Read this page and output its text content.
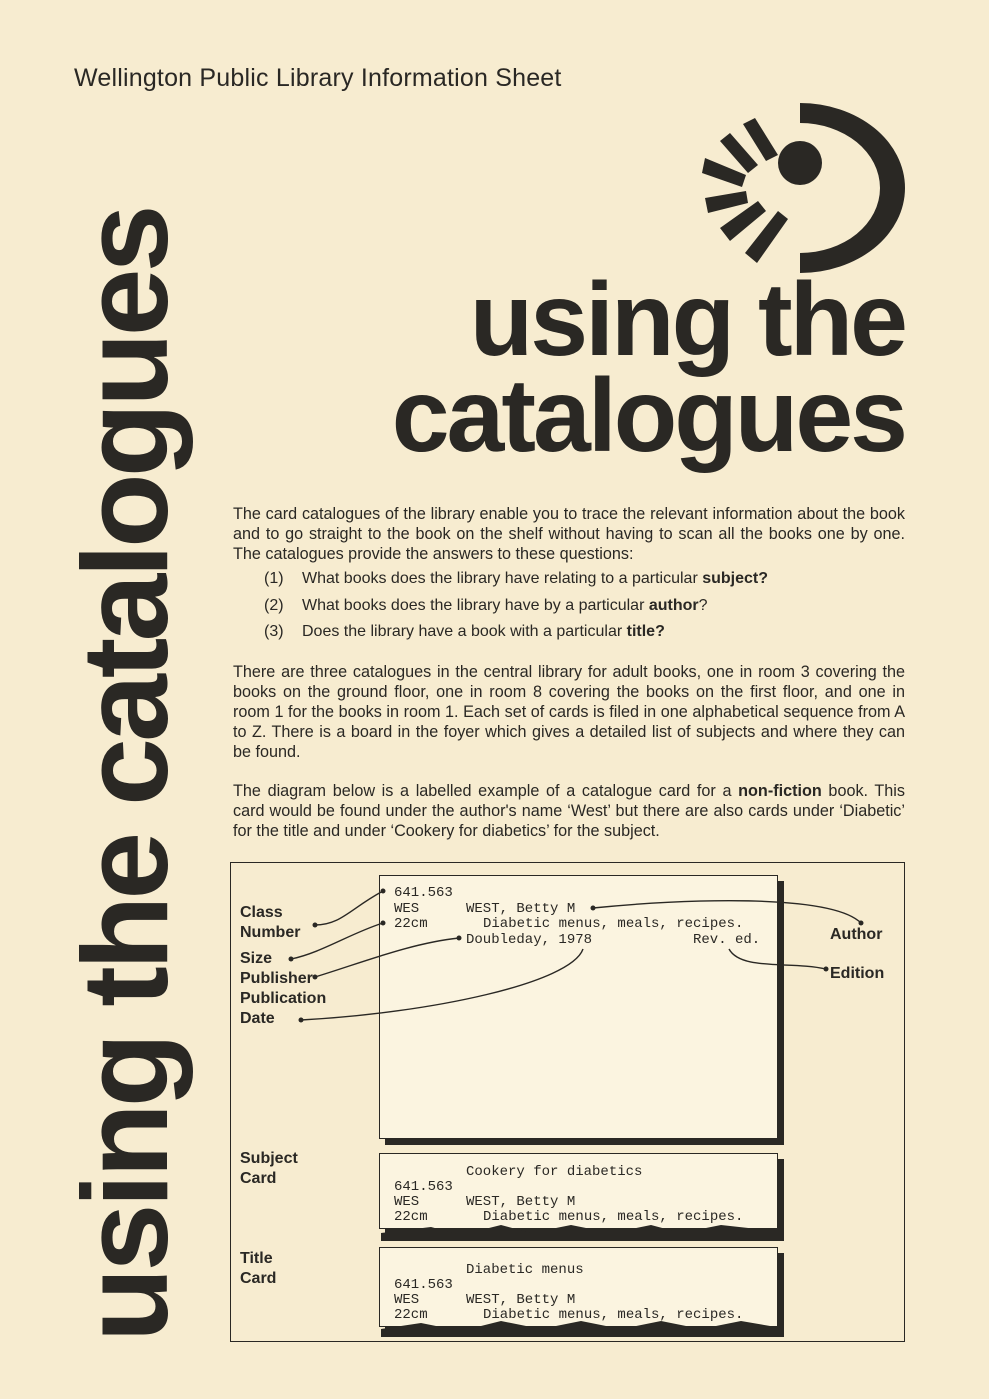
Wellington Public Library Information Sheet
using the catalogues	using the
catalogues
The card catalogues of the library enable you to trace the relevant information about the book and to go straight to the book on the shelf without having to scan all the books one by one. The catalogues provide the answers to these questions:
(1) What books does the library have relating to a particular subject?
(2) What books does the library have by a particular author?
(3) Does the library have a book with a particular title?
There are three catalogues in the central library for adult books, one in room 3 covering the books on the ground floor, one in room 8 covering the books on the first floor, and one in room 1 for the books in room 1. Each set of cards is filed in one alphabetical sequence from A to Z. There is a board in the foyer which gives a detailed list of subjects and where they can be found.
The diagram below is a labelled example of a catalogue card for a non-fiction book. This card would be found under the author's name ‘West’ but there are also cards under ‘Diabetic’ for the title and under ‘Cookery for diabetics’ for the subject.
641.563
WES	WEST, Betty M
22cm	Diabetic menus, meals, recipes.
Doubleday, 1978	Rev. ed.
Cookery for diabetics
641.563
WES	WEST, Betty M
22cm	Diabetic menus, meals, recipes.
Diabetic menus
641.563
WES	WEST, Betty M
22cm	Diabetic menus, meals, recipes.
Class
Number
Size
Publisher
Publication
Date
Author
Edition
Subject
Card
Title
Card
